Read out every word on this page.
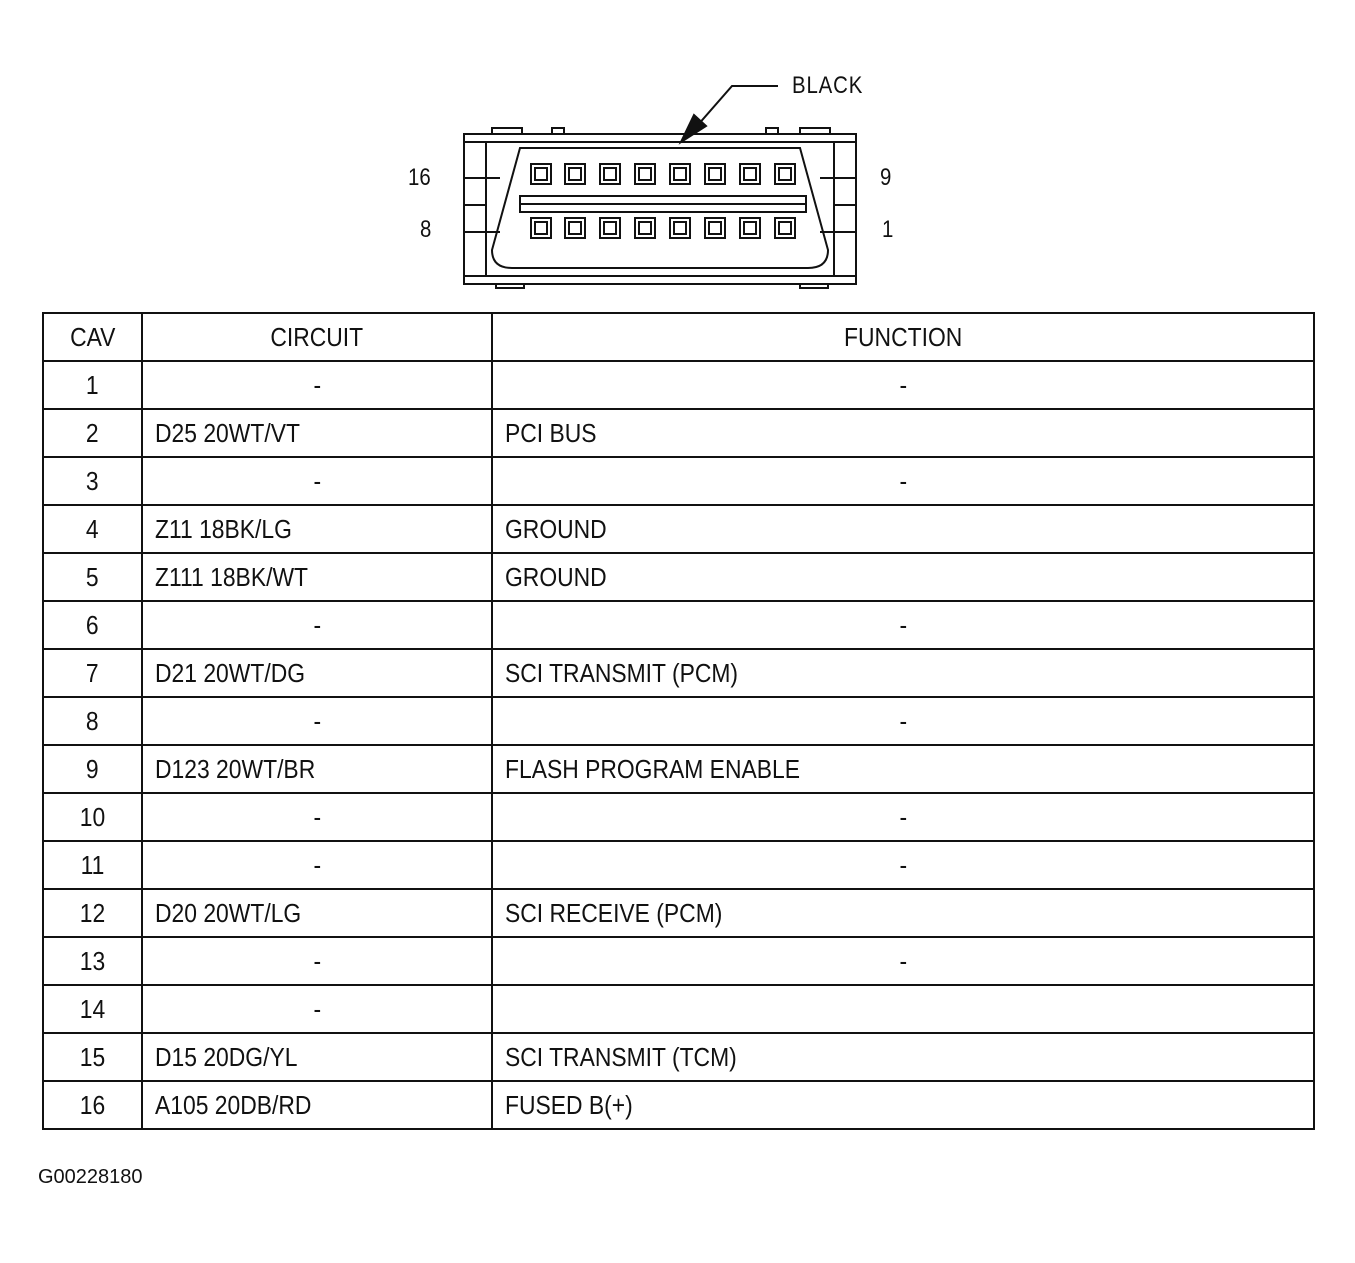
BLACK
16
8
9
1
CAV	CIRCUIT	FUNCTION
1	-	-
2	D25 20WT/VT	PCI BUS
3	-	-
4	Z11 18BK/LG	GROUND
5	Z111 18BK/WT	GROUND
6	-	-
7	D21 20WT/DG	SCI TRANSMIT (PCM)
8	-	-
9	D123 20WT/BR	FLASH PROGRAM ENABLE
10	-	-
11	-	-
12	D20 20WT/LG	SCI RECEIVE (PCM)
13	-	-
14	-	
15	D15 20DG/YL	SCI TRANSMIT (TCM)
16	A105 20DB/RD	FUSED B(+)
G00228180
